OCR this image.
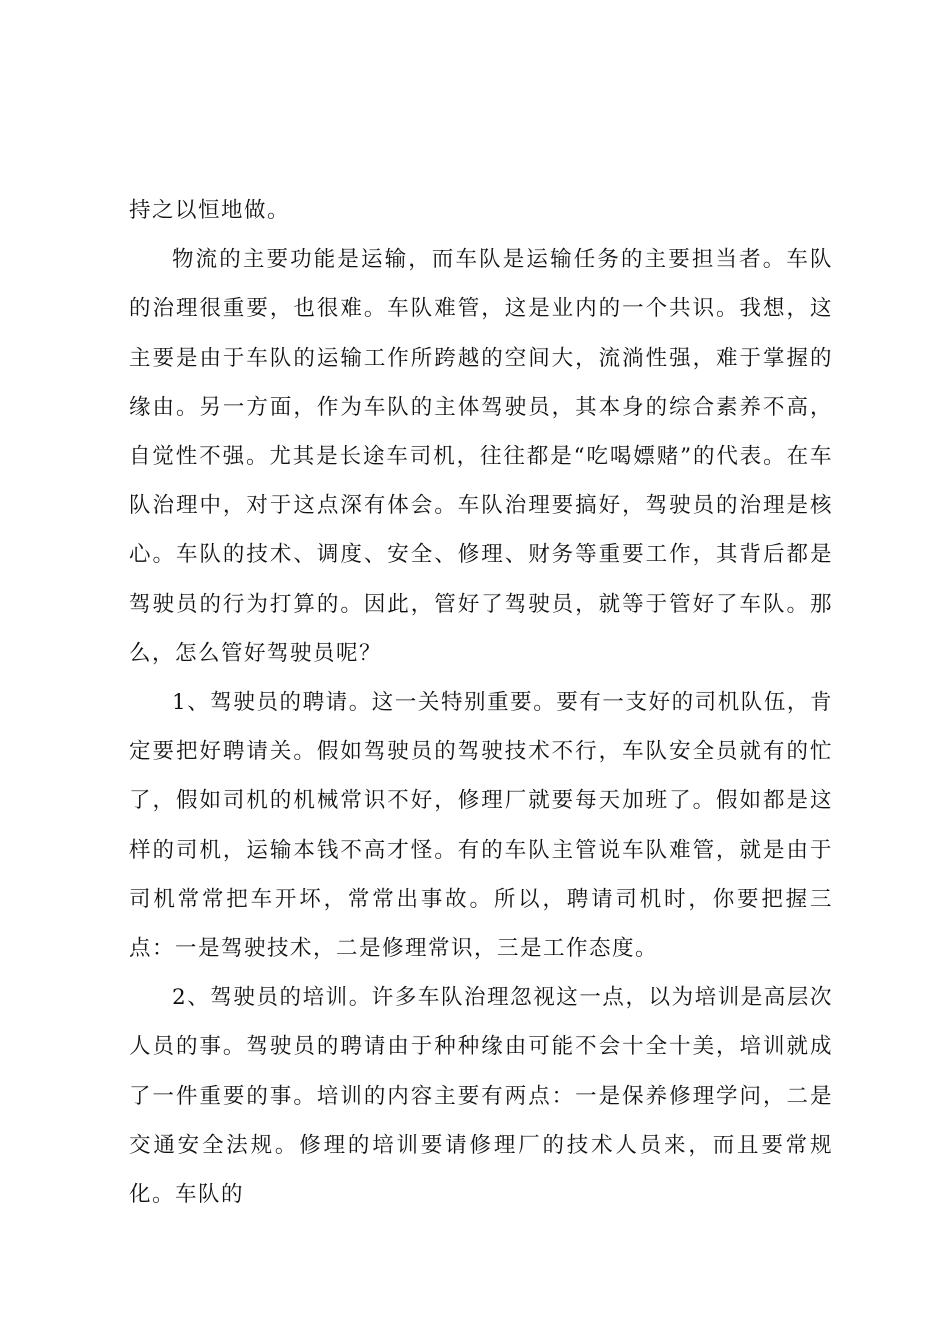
持之以恒地做。

物流的主要功能是运输，而车队是运输任务的主要担当者。车队的治理很重要，也很难。车队难管，这是业内的一个共识。我想，这主要是由于车队的运输工作所跨越的空间大，流淌性强，难于掌握的缘由。另一方面，作为车队的主体驾驶员，其本身的综合素养不高，自觉性不强。尤其是长途车司机，往往都是“吃喝嫖赌”的代表。在车队治理中，对于这点深有体会。车队治理要搞好，驾驶员的治理是核心。车队的技术、调度、安全、修理、财务等重要工作，其背后都是驾驶员的行为打算的。因此，管好了驾驶员，就等于管好了车队。那么，怎么管好驾驶员呢？

1、驾驶员的聘请。这一关特别重要。要有一支好的司机队伍，肯定要把好聘请关。假如驾驶员的驾驶技术不行，车队安全员就有的忙了，假如司机的机械常识不好，修理厂就要每天加班了。假如都是这样的司机，运输本钱不高才怪。有的车队主管说车队难管，就是由于司机常常把车开坏，常常出事故。所以，聘请司机时，你要把握三点：一是驾驶技术，二是修理常识，三是工作态度。

2、驾驶员的培训。许多车队治理忽视这一点，以为培训是高层次人员的事。驾驶员的聘请由于种种缘由可能不会十全十美，培训就成了一件重要的事。培训的内容主要有两点：一是保养修理学问，二是交通安全法规。修理的培训要请修理厂的技术人员来，而且要常规化。车队的
